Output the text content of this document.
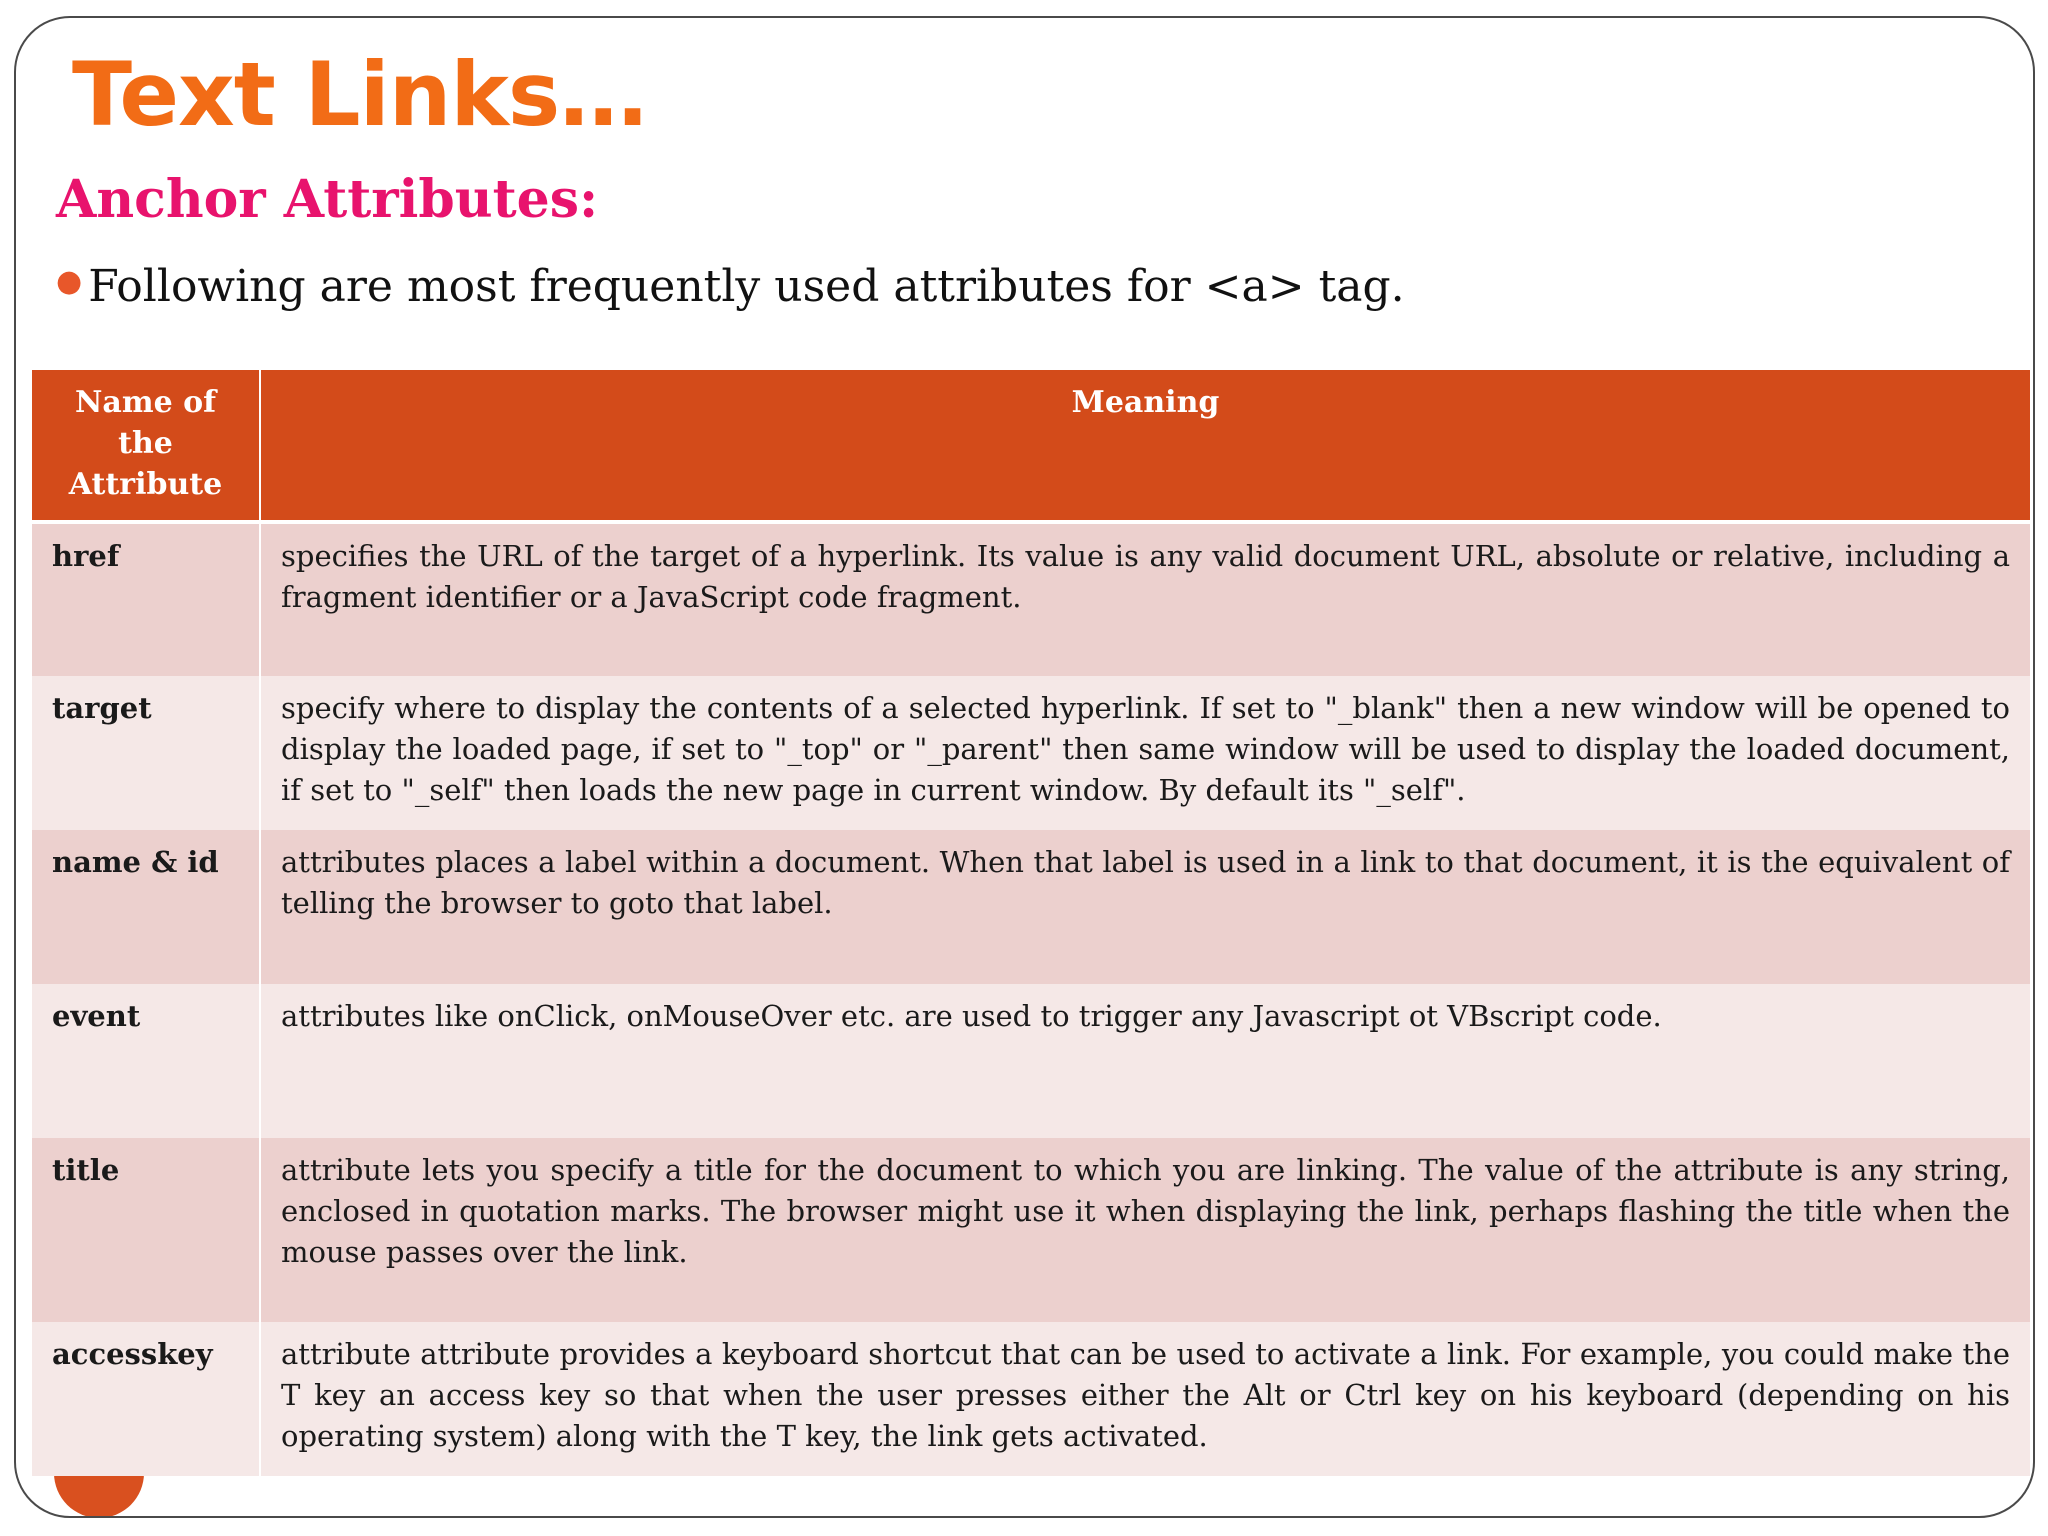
Text Links…
Anchor Attributes:
● Following are most frequently used attributes for <a> tag.
Name of the Attribute	Meaning
href	specifies the URL of the target of a hyperlink. Its value is any valid document URL, absolute or relative, including a fragment identifier or a JavaScript code fragment.
target	specify where to display the contents of a selected hyperlink. If set to "_blank" then a new window will be opened to display the loaded page, if set to "_top" or "_parent" then same window will be used to display the loaded document, if set to "_self" then loads the new page in current window. By default its "_self".
name & id	attributes places a label within a document. When that label is used in a link to that document, it is the equivalent of telling the browser to goto that label.
event	attributes like onClick, onMouseOver etc. are used to trigger any Javascript ot VBscript code.
title	attribute lets you specify a title for the document to which you are linking. The value of the attribute is any string, enclosed in quotation marks. The browser might use it when displaying the link, perhaps flashing the title when the mouse passes over the link.
accesskey	attribute attribute provides a keyboard shortcut that can be used to activate a link. For example, you could make the T key an access key so that when the user presses either the Alt or Ctrl key on his keyboard (depending on his operating system) along with the T key, the link gets activated.
